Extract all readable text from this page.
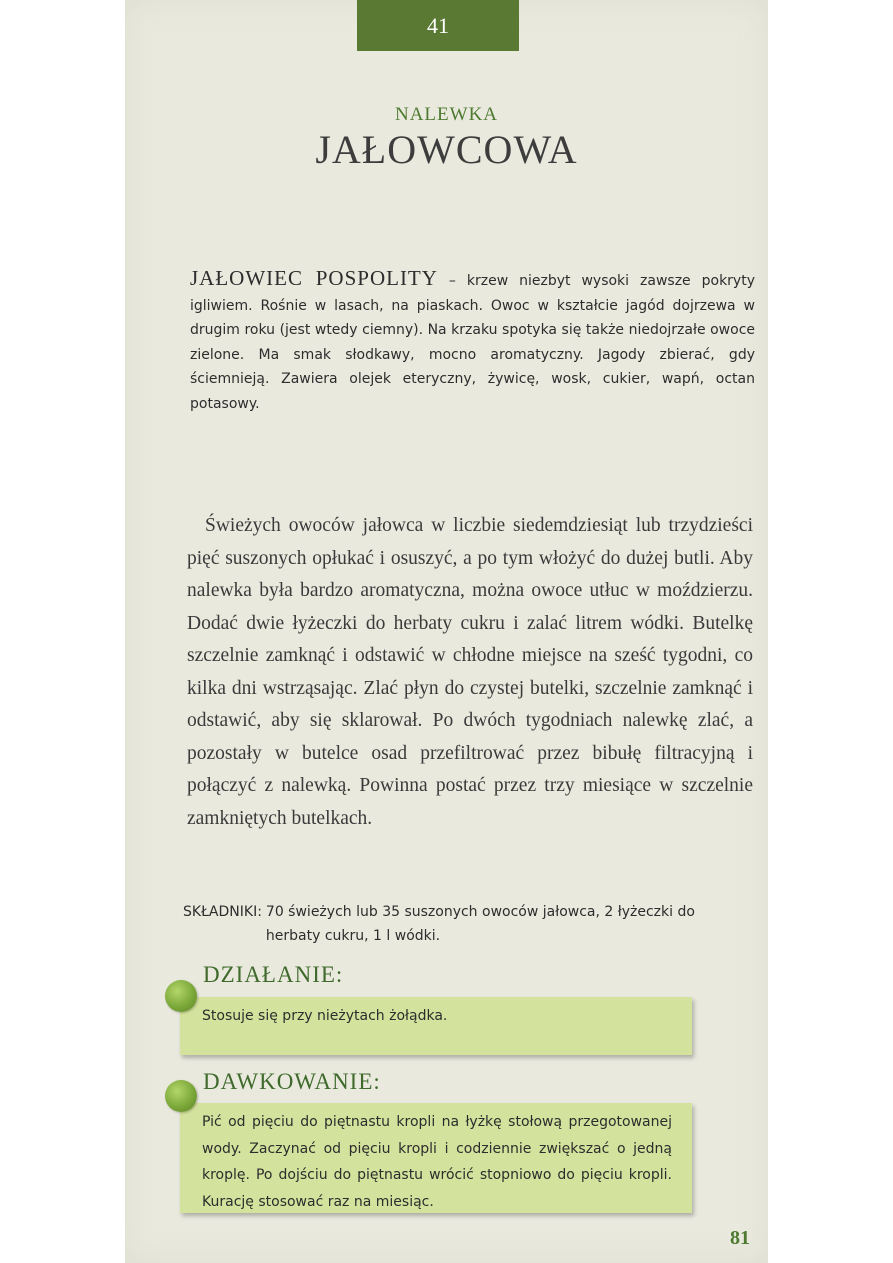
41
NALEWKA
JAŁOWCOWA
JAŁOWIEC POSPOLITY – krzew niezbyt wysoki zawsze pokryty igliwiem. Rośnie w lasach, na piaskach. Owoc w kształcie jagód dojrzewa w drugim roku (jest wtedy ciemny). Na krzaku spotyka się także niedojrzałe owoce zielone. Ma smak słodkawy, mocno aromatyczny. Jagody zbierać, gdy ściemnieją. Zawiera olejek eteryczny, żywicę, wosk, cukier, wapń, octan potasowy.
Świeżych owoców jałowca w liczbie siedemdziesiąt lub trzydzieści pięć suszonych opłukać i osuszyć, a po tym włożyć do dużej butli. Aby nalewka była bardzo aromatyczna, można owoce utłuc w moździerzu. Dodać dwie łyżeczki do herbaty cukru i zalać litrem wódki. Butelkę szczelnie zamknąć i odstawić w chłodne miejsce na sześć tygodni, co kilka dni wstrząsając. Zlać płyn do czystej butelki, szczelnie zamknąć i odstawić, aby się sklarował. Po dwóch tygodniach nalewkę zlać, a pozostały w butelce osad przefiltrować przez bibułę filtracyjną i połączyć z nalewką. Powinna postać przez trzy miesiące w szczelnie zamkniętych butelkach.
SKŁADNIKI: 70 świeżych lub 35 suszonych owoców jałowca, 2 łyżeczki do herbaty cukru, 1 l wódki.
DZIAŁANIE:
Stosuje się przy nieżytach żołądka.
DAWKOWANIE:
Pić od pięciu do piętnastu kropli na łyżkę stołową przegotowanej wody. Zaczynać od pięciu kropli i codziennie zwiększać o jedną kroplę. Po dojściu do piętnastu wrócić stopniowo do pięciu kropli. Kurację stosować raz na miesiąc.
81
